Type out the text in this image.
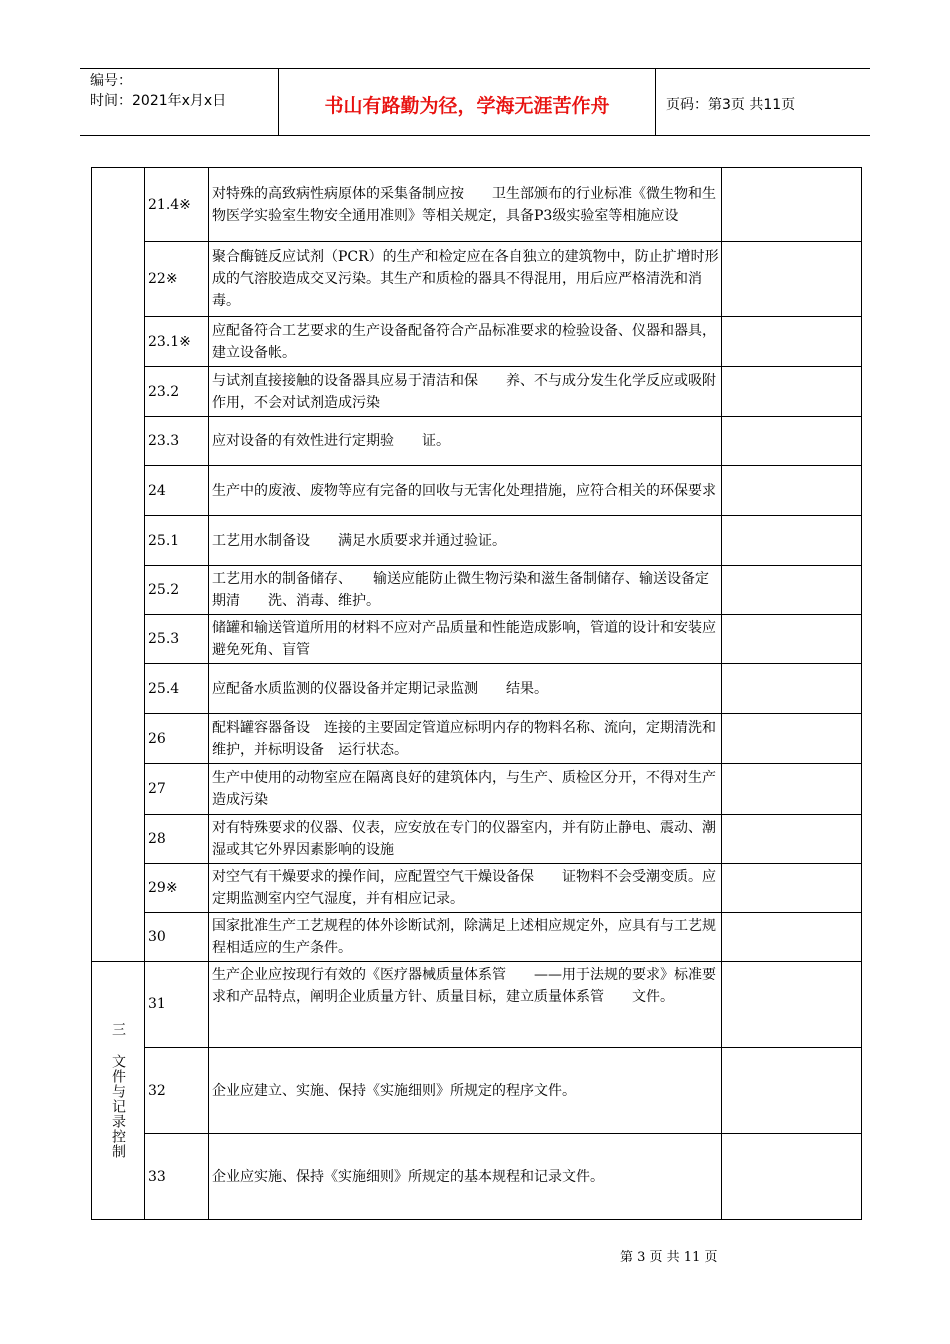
编号：
时间：2021年x月x日	书山有路勤为径，学海无涯苦作舟	页码：第3页 共11页
	21.4※	对特殊的高致病性病原体的采集备制应按　　卫生部颁布的行业标准《微生物和生物医学实验室生物安全通用准则》等相关规定，具备P3级实验室等相施应设	
	22※	聚合酶链反应试剂（PCR）的生产和检定应在各自独立的建筑物中，防止扩增时形成的气溶胶造成交叉污染。其生产和质检的器具不得混用，用后应严格清洗和消毒。	
	23.1※	应配备符合工艺要求的生产设备配备符合产品标准要求的检验设备、仪器和器具，建立设备帐。	
	23.2	与试剂直接接触的设备器具应易于清洁和保　　养、不与成分发生化学反应或吸附作用，不会对试剂造成污染	
	23.3	应对设备的有效性进行定期验　　证。	
	24	生产中的废液、废物等应有完备的回收与无害化处理措施，应符合相关的环保要求	
	25.1	工艺用水制备设　　满足水质要求并通过验证。	
	25.2	工艺用水的制备储存、　　输送应能防止微生物污染和滋生备制储存、输送设备定期清　　洗、消毒、维护。	
	25.3	储罐和输送管道所用的材料不应对产品质量和性能造成影响，管道的设计和安装应避免死角、盲管	
	25.4	应配备水质监测的仪器设备并定期记录监测　　结果。	
	26	配料罐容器备设　连接的主要固定管道应标明内存的物料名称、流向，定期清洗和维护，并标明设备　运行状态。	
	27	生产中使用的动物室应在隔离良好的建筑体内，与生产、质检区分开，不得对生产造成污染	
	28	对有特殊要求的仪器、仪表，应安放在专门的仪器室内，并有防止静电、震动、潮湿或其它外界因素影响的设施	
	29※	对空气有干燥要求的操作间，应配置空气干燥设备保　　证物料不会受潮变质。应定期监测室内空气湿度，并有相应记录。	
	30	国家批准生产工艺规程的体外诊断试剂，除满足上述相应规定外，应具有与工艺规程相适应的生产条件。	

三 文件与记录控制	31	生产企业应按现行有效的《医疗器械质量体系管　　——用于法规的要求》标准要求和产品特点，阐明企业质量方针、质量目标，建立质量体系管　　文件。	
	32	企业应建立、实施、保持《实施细则》所规定的程序文件。	
	33	企业应实施、保持《实施细则》所规定的基本规程和记录文件。	
第 3 页 共 11 页
